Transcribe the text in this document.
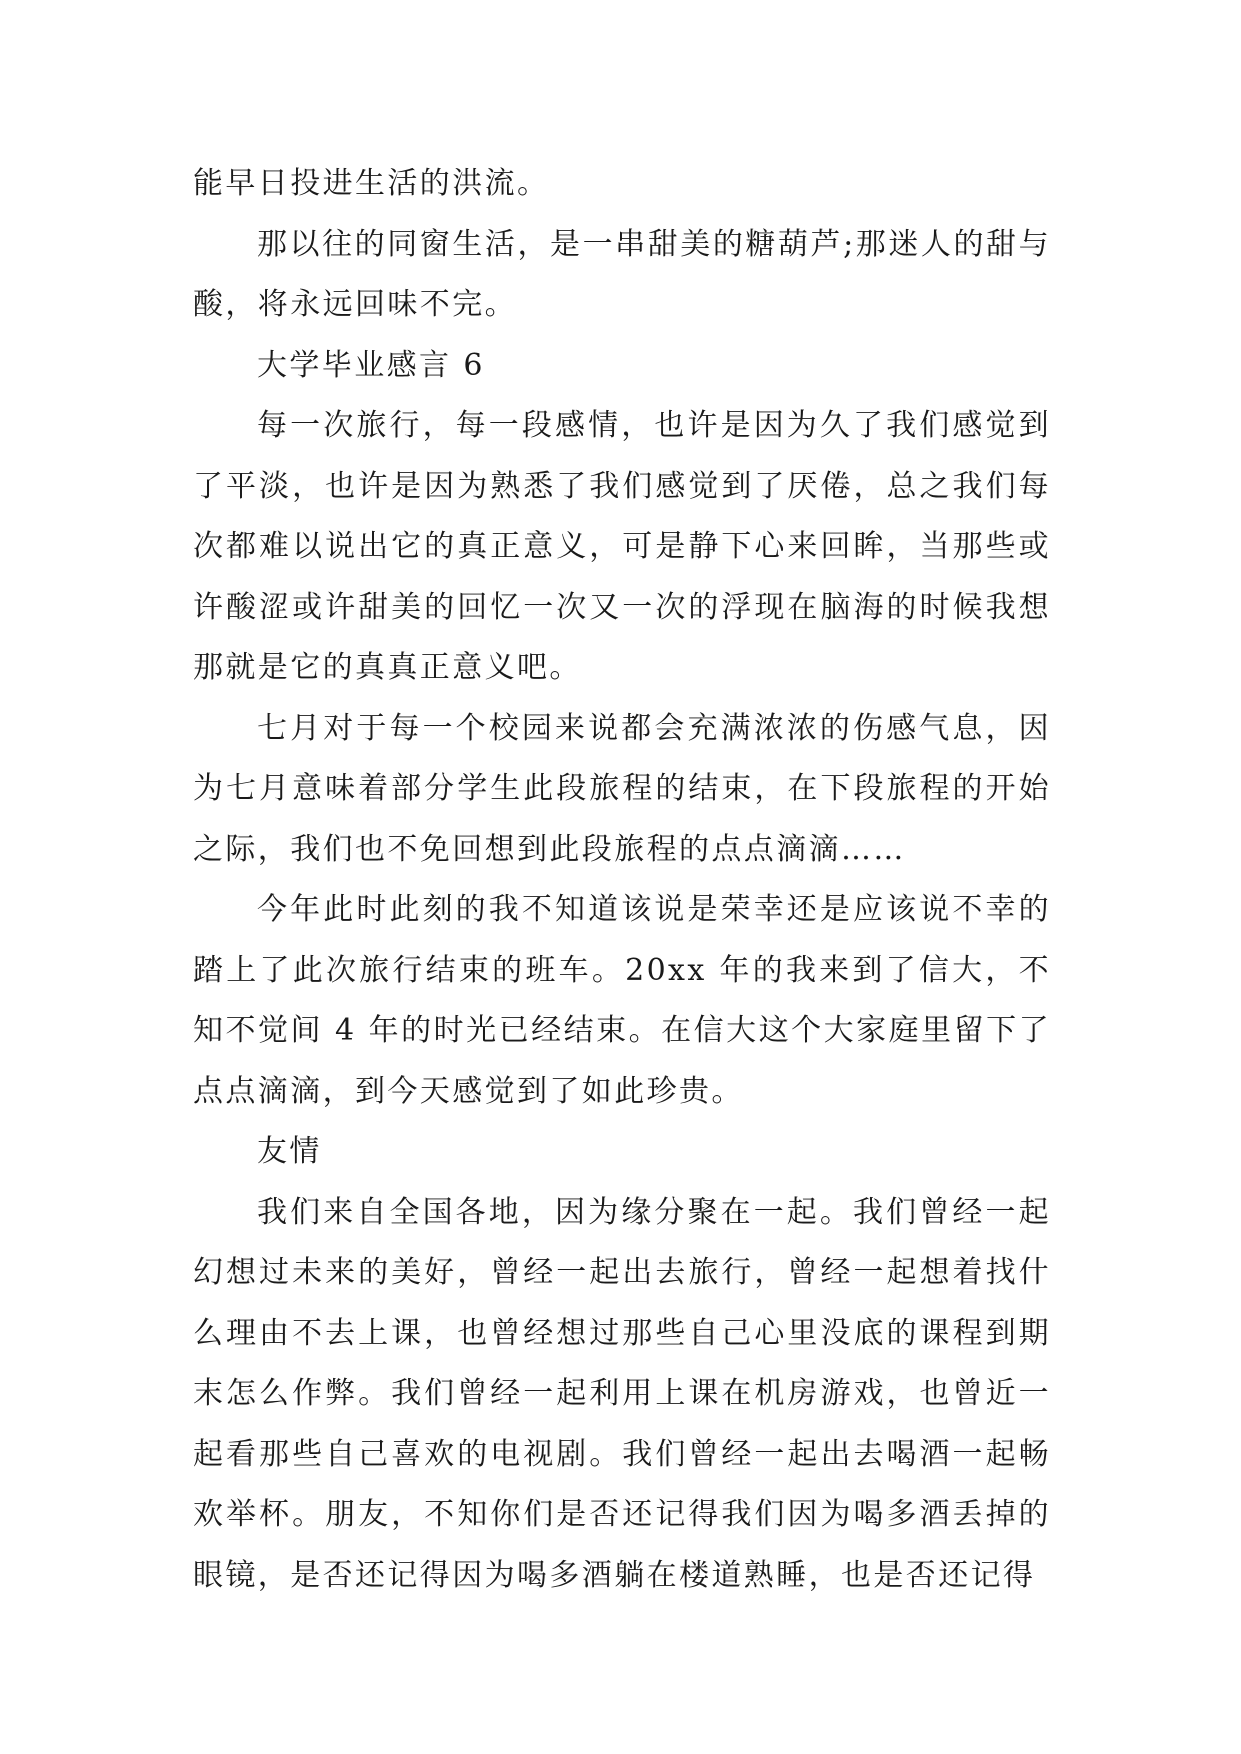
能早日投进生活的洪流。

那以往的同窗生活，是一串甜美的糖葫芦;那迷人的甜与酸，将永远回味不完。

大学毕业感言 6

每一次旅行，每一段感情，也许是因为久了我们感觉到了平淡，也许是因为熟悉了我们感觉到了厌倦，总之我们每次都难以说出它的真正意义，可是静下心来回眸，当那些或许酸涩或许甜美的回忆一次又一次的浮现在脑海的时候我想那就是它的真真正意义吧。

七月对于每一个校园来说都会充满浓浓的伤感气息，因为七月意味着部分学生此段旅程的结束，在下段旅程的开始之际，我们也不免回想到此段旅程的点点滴滴……

今年此时此刻的我不知道该说是荣幸还是应该说不幸的踏上了此次旅行结束的班车。20xx 年的我来到了信大，不知不觉间 4 年的时光已经结束。在信大这个大家庭里留下了点点滴滴，到今天感觉到了如此珍贵。

友情

我们来自全国各地，因为缘分聚在一起。我们曾经一起幻想过未来的美好，曾经一起出去旅行，曾经一起想着找什么理由不去上课，也曾经想过那些自己心里没底的课程到期末怎么作弊。我们曾经一起利用上课在机房游戏，也曾近一起看那些自己喜欢的电视剧。我们曾经一起出去喝酒一起畅欢举杯。朋友，不知你们是否还记得我们因为喝多酒丢掉的眼镜，是否还记得因为喝多酒躺在楼道熟睡，也是否还记得
